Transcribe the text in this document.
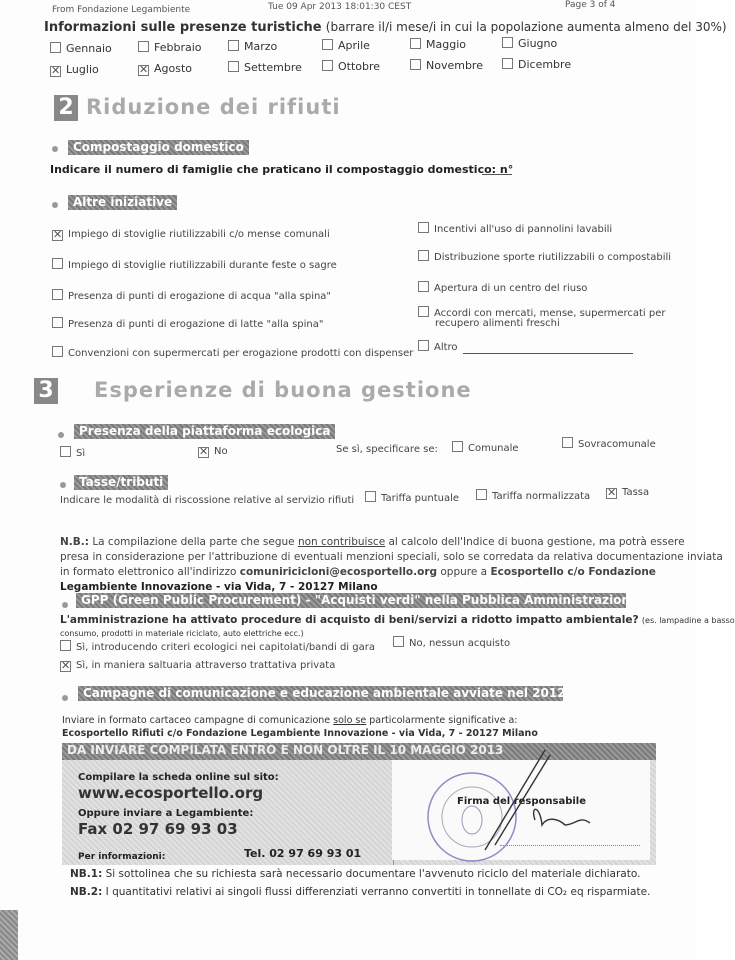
From Fondazione Legambiente	Tue 09 Apr 2013 18:01:30 CEST	Page 3 of 4
Informazioni sulle presenze turistiche (barrare il/i mese/i in cui la popolazione aumenta almeno del 30%)
2 Riduzione dei rifiuti
Compostaggio domestico
Indicare il numero di famiglie che praticano il compostaggio domestico: n°
Altre iniziative
3 Esperienze di buona gestione
Presenza della piattaforma ecologica
Sì	✕ No	Se sì, specificare se:	Comunale	Sovracomunale
Tasse/tributi
Indicare le modalità di riscossione relative al servizio rifiuti
N.B.: La compilazione della parte che segue non contribuisce al calcolo dell'Indice di buona gestione, ma potrà essere
presa in considerazione per l'attribuzione di eventuali menzioni speciali, solo se corredata da relativa documentazione inviata
in formato elettronico all'indirizzo comuniricicloni@ecosportello.org oppure a Ecosportello c/o Fondazione
Legambiente Innovazione - via Vida, 7 - 20127 Milano
GPP (Green Public Procurement) - "Acquisti verdi" nella Pubblica Amministrazione
L'amministrazione ha attivato procedure di acquisto di beni/servizi a ridotto impatto ambientale? (es. lampadine a basso
consumo, prodotti in materiale riciclato, auto elettriche ecc.)
Campagne di comunicazione e educazione ambientale avviate nel 2012
Inviare in formato cartaceo campagne di comunicazione solo se particolarmente significative a:
Ecosportello Rifiuti c/o Fondazione Legambiente Innovazione - via Vida, 7 - 20127 Milano
DA INVIARE COMPILATA ENTRO E NON OLTRE IL 10 MAGGIO 2013
Compilare la scheda online sul sito:
www.ecosportello.org
Oppure inviare a Legambiente:
Fax 02 97 69 93 03
Per informazioni:	Tel. 02 97 69 93 01
Firma del responsabile
NB.1: Si sottolinea che su richiesta sarà necessario documentare l'avvenuto riciclo del materiale dichiarato.
NB.2: I quantitativi relativi ai singoli flussi differenziati verranno convertiti in tonnellate di CO₂ eq risparmiate.
Gennaio	Febbraio	Marzo	Aprile	Maggio	Giugno
✕ Luglio	✕ Agosto	Settembre	Ottobre	Novembre	Dicembre
✕ Impiego di stoviglie riutilizzabili c/o mense comunali
Impiego di stoviglie riutilizzabili durante feste o sagre
Presenza di punti di erogazione di acqua "alla spina"
Presenza di punti di erogazione di latte "alla spina"
Convenzioni con supermercati per erogazione prodotti con dispenser
Incentivi all'uso di pannolini lavabili
Distribuzione sporte riutilizzabili o compostabili
Apertura di un centro del riuso
Accordi con mercati, mense, supermercati per
recupero alimenti freschi
Altro
Tariffa puntuale	Tariffa normalizzata ✕ Tassa
Sì, introducendo criteri ecologici nei capitolati/bandi di gara	No, nessun acquisto
✕ Sì, in maniera saltuaria attraverso trattativa privata
